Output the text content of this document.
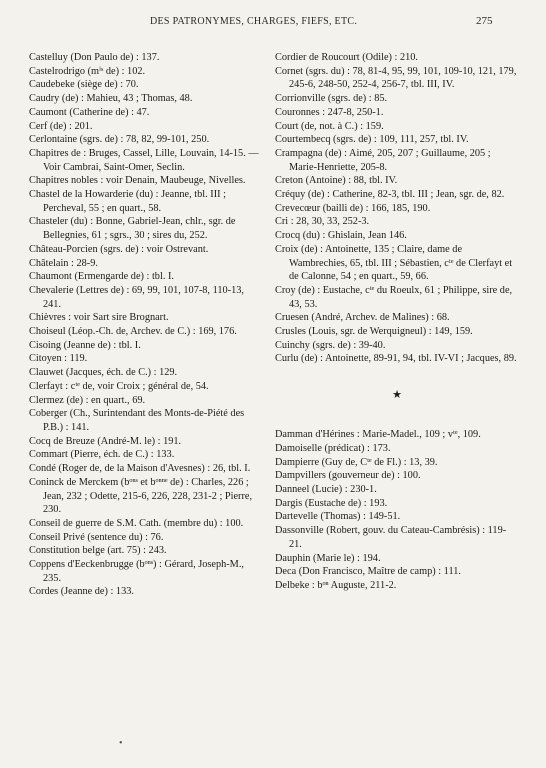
DES PATRONYMES, CHARGES, FIEFS, ETC.	275

Castelluy (Don Paulo de) : 137.

Castelrodrigo (mⁱˢ de) : 102.

Caudebeke (siège de) : 70.

Caudry (de) : Mahieu, 43 ; Thomas, 48.

Caumont (Catherine de) : 47.

Cerf (de) : 201.

Cerlontaine (sgrs. de) : 78, 82, 99-101, 250.

Chapitres de : Bruges, Cassel, Lille, Louvain, 14-15. — Voir Cambrai, Saint-Omer, Seclin.

Chapitres nobles : voir Denain, Maubeuge, Nivelles.

Chastel de la Howarderie (du) : Jeanne, tbl. III ; Percheval, 55 ; en quart., 58.

Chasteler (du) : Bonne, Gabriel-Jean, chlr., sgr. de Bellegnies, 61 ; sgrs., 30 ; sires du, 252.

Château-Porcien (sgrs. de) : voir Ostrevant.

Châtelain : 28-9.

Chaumont (Ermengarde de) : tbl. I.

Chevalerie (Lettres de) : 69, 99, 101, 107-8, 110-13, 241.

Chièvres : voir Sart sire Brognart.

Choiseul (Léop.-Ch. de, Archev. de C.) : 169, 176.

Cisoing (Jeanne de) : tbl. I.

Citoyen : 119.

Clauwet (Jacques, éch. de C.) : 129.

Clerfayt : cᵗᵉ de, voir Croix ; général de, 54.

Clermez (de) : en quart., 69.

Coberger (Ch., Surintendant des Monts-de-Piété des P.B.) : 141.

Cocq de Breuze (André-M. le) : 191.

Commart (Pierre, éch. de C.) : 133.

Condé (Roger de, de la Maison d'Avesnes) : 26, tbl. I.

Coninck de Merckem (bᵒⁿˢ et bᵒⁿⁿᵉ de) : Charles, 226 ; Jean, 232 ; Odette, 215-6, 226, 228, 231-2 ; Pierre, 230.

Conseil de guerre de S.M. Cath. (membre du) : 100.

Conseil Privé (sentence du) : 76.

Constitution belge (art. 75) : 243.

Coppens d'Eeckenbrugge (bᵒⁿˢ) : Gérard, Joseph-M., 235.

Cordes (Jeanne de) : 133.

Cordier de Roucourt (Odile) : 210.

Cornet (sgrs. du) : 78, 81-4, 95, 99, 101, 109-10, 121, 179, 245-6, 248-50, 252-4, 256-7, tbl. III, IV.

Corrionville (sgrs. de) : 85.

Couronnes : 247-8, 250-1.

Court (de, not. à C.) : 159.

Courtembecq (sgrs. de) : 109, 111, 257, tbl. IV.

Crampagna (de) : Aimé, 205, 207 ; Guillaume, 205 ; Marie-Henriette, 205-8.

Creton (Antoine) : 88, tbl. IV.

Créquy (de) : Catherine, 82-3, tbl. III ; Jean, sgr. de, 82.

Crevecœur (bailli de) : 166, 185, 190.

Cri : 28, 30, 33, 252-3.

Crocq (du) : Ghislain, Jean 146.

Croix (de) : Antoinette, 135 ; Claire, dame de Wambrechies, 65, tbl. III ; Sébastien, cᵗᵉ de Clerfayt et de Calonne, 54 ; en quart., 59, 66.

Croy (de) : Eustache, cᵗᵉ du Roeulx, 61 ; Philippe, sire de, 43, 53.

Cruesen (André, Archev. de Malines) : 68.

Crusles (Louis, sgr. de Werquigneul) : 149, 159.

Cuinchy (sgrs. de) : 39-40.

Curlu (de) : Antoinette, 89-91, 94, tbl. IV-VI ; Jacques, 89.

★

Damman d'Hérines : Marie-Madel., 109 ; vᵗᵉ, 109.

Damoiselle (prédicat) : 173.

Dampierre (Guy de, Cᵗᵉ de Fl.) : 13, 39.

Dampvillers (gouverneur de) : 100.

Danneel (Lucie) : 230-1.

Dargis (Eustache de) : 193.

Dartevelle (Thomas) : 149-51.

Dassonville (Robert, gouv. du Cateau-Cambrésis) : 119-21.

Dauphin (Marie le) : 194.

Deca (Don Francisco, Maître de camp) : 111.

Delbeke : bᵒⁿ Auguste, 211-2.

•
